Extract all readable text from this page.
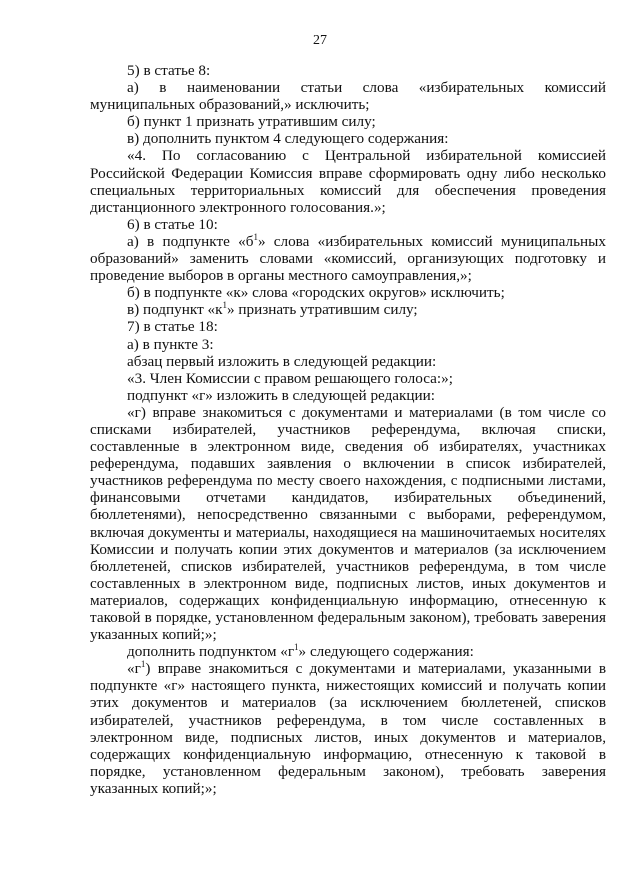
27

5) в статье 8:

а) в наименовании статьи слова «избирательных комиссий муниципальных образований,» исключить;

б) пункт 1 признать утратившим силу;

в) дополнить пунктом 4 следующего содержания:

«4. По согласованию с Центральной избирательной комиссией Российской Федерации Комиссия вправе сформировать одну либо несколько специальных территориальных комиссий для обеспечения проведения дистанционного электронного голосования.»;

6) в статье 10:

а) в подпункте «$б^1$» слова «избирательных комиссий муниципальных образований» заменить словами «комиссий, организующих подготовку и проведение выборов в органы местного самоуправления,»;

б) в подпункте «к» слова «городских округов» исключить;

в) подпункт «$к^1$» признать утратившим силу;

7) в статье 18:

а) в пункте 3:

абзац первый изложить в следующей редакции:

«3. Член Комиссии с правом решающего голоса:»;

подпункт «г» изложить в следующей редакции:

«г) вправе знакомиться с документами и материалами (в том числе со списками избирателей, участников референдума, включая списки, составленные в электронном виде, сведения об избирателях, участниках референдума, подавших заявления о включении в список избирателей, участников референдума по месту своего нахождения, с подписными листами, финансовыми отчетами кандидатов, избирательных объединений, бюллетенями), непосредственно связанными с выборами, референдумом, включая документы и материалы, находящиеся на машиночитаемых носителях Комиссии и получать копии этих документов и материалов (за исключением бюллетеней, списков избирателей, участников референдума, в том числе составленных в электронном виде, подписных листов, иных документов и материалов, содержащих конфиденциальную информацию, отнесенную к таковой в порядке, установленном федеральным законом), требовать заверения указанных копий;»;

дополнить подпунктом «$г^1$» следующего содержания:

«$г^1$) вправе знакомиться с документами и материалами, указанными в подпункте «г» настоящего пункта, нижестоящих комиссий и получать копии этих документов и материалов (за исключением бюллетеней, списков избирателей, участников референдума, в том числе составленных в электронном виде, подписных листов, иных документов и материалов, содержащих конфиденциальную информацию, отнесенную к таковой в порядке, установленном федеральным законом), требовать заверения указанных копий;»;
